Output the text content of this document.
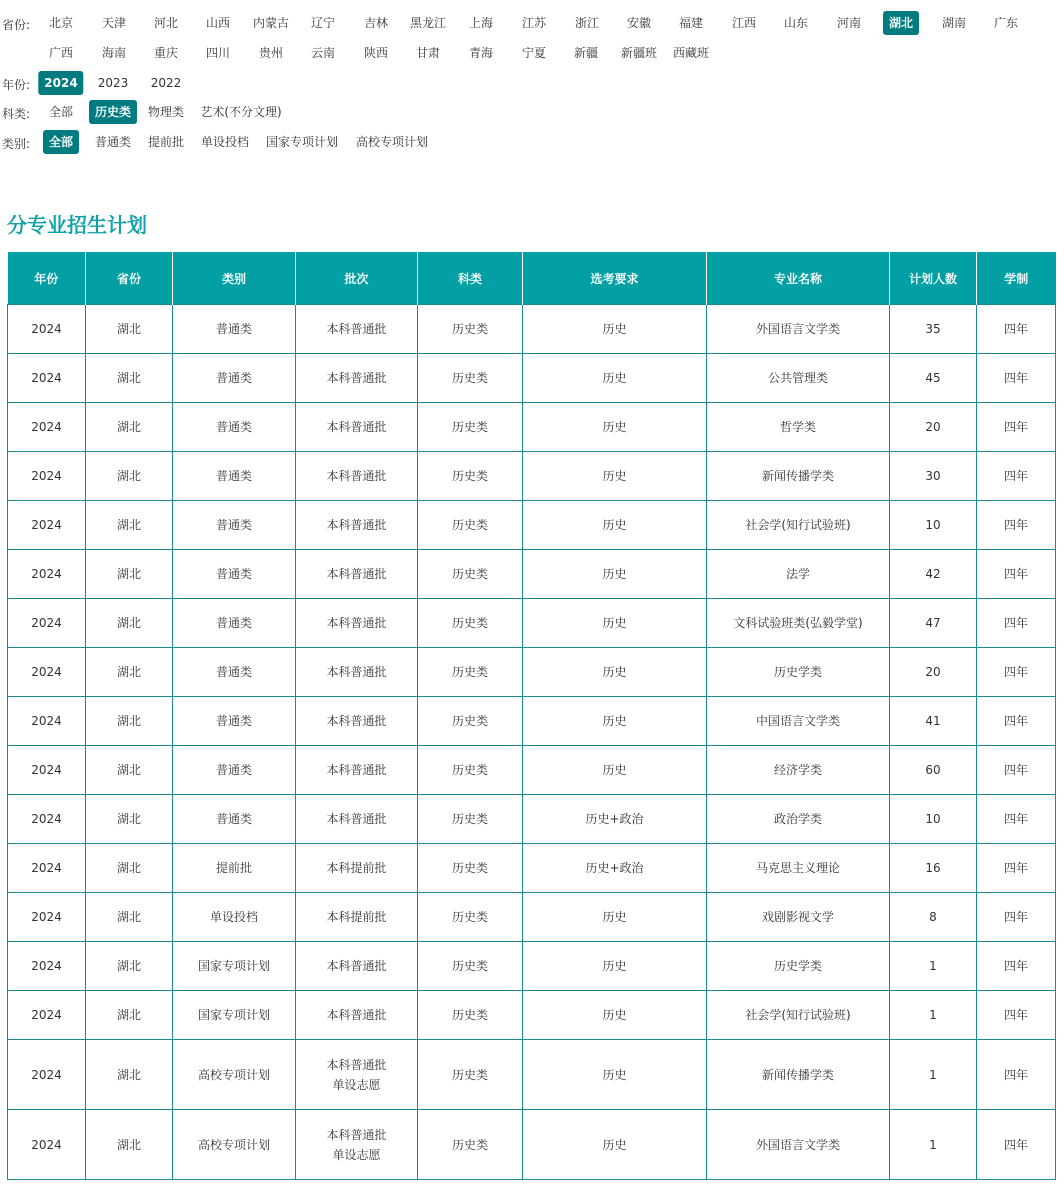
省份:	北京	天津	河北	山西	内蒙古	辽宁	吉林	黑龙江	上海	江苏	浙江	安徽	福建	江西	山东	河南	湖北	湖南	广东
广西	海南	重庆	四川	贵州	云南	陕西	甘肃	青海	宁夏	新疆	新疆班	西藏班
年份:	2024	2023	2022
科类:	全部	历史类	物理类	艺术(不分文理)
类别:	全部	普通类	提前批	单设投档	国家专项计划	高校专项计划
分专业招生计划
年份	省份	类别	批次	科类	选考要求	专业名称	计划人数	学制
2024	湖北	普通类	本科普通批	历史类	历史	外国语言文学类	35	四年
2024	湖北	普通类	本科普通批	历史类	历史	公共管理类	45	四年
2024	湖北	普通类	本科普通批	历史类	历史	哲学类	20	四年
2024	湖北	普通类	本科普通批	历史类	历史	新闻传播学类	30	四年
2024	湖北	普通类	本科普通批	历史类	历史	社会学(知行试验班)	10	四年
2024	湖北	普通类	本科普通批	历史类	历史	法学	42	四年
2024	湖北	普通类	本科普通批	历史类	历史	文科试验班类(弘毅学堂)	47	四年
2024	湖北	普通类	本科普通批	历史类	历史	历史学类	20	四年
2024	湖北	普通类	本科普通批	历史类	历史	中国语言文学类	41	四年
2024	湖北	普通类	本科普通批	历史类	历史	经济学类	60	四年
2024	湖北	普通类	本科普通批	历史类	历史+政治	政治学类	10	四年
2024	湖北	提前批	本科提前批	历史类	历史+政治	马克思主义理论	16	四年
2024	湖北	单设投档	本科提前批	历史类	历史	戏剧影视文学	8	四年
2024	湖北	国家专项计划	本科普通批	历史类	历史	历史学类	1	四年
2024	湖北	国家专项计划	本科普通批	历史类	历史	社会学(知行试验班)	1	四年
2024	湖北	高校专项计划	本科普通批
单设志愿	历史类	历史	新闻传播学类	1	四年
2024	湖北	高校专项计划	本科普通批
单设志愿	历史类	历史	外国语言文学类	1	四年
